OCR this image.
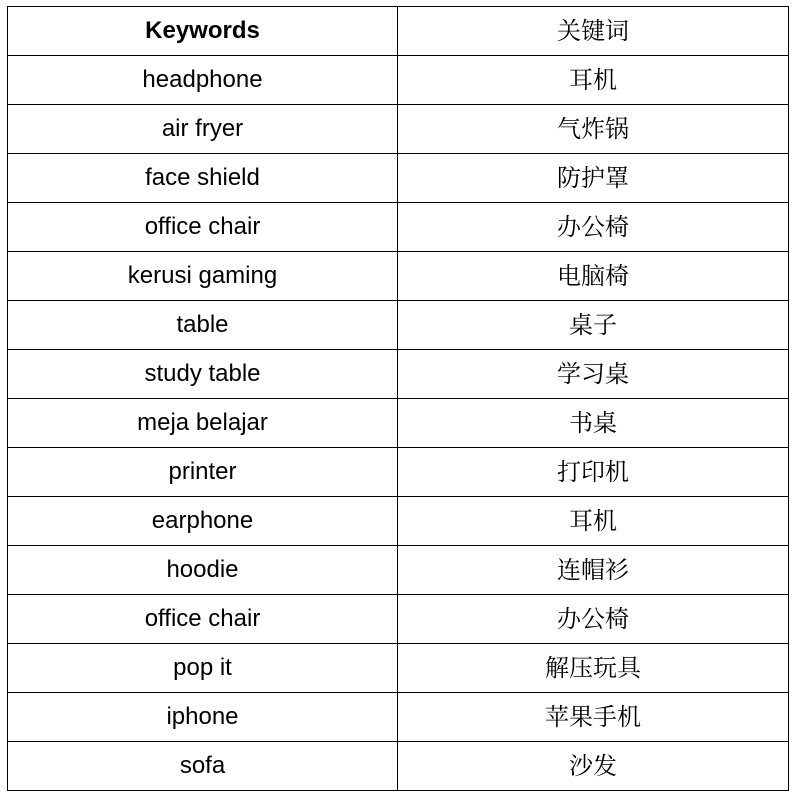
Keywords	关键词
headphone	耳机
air fryer	气炸锅
face shield	防护罩
office chair	办公椅
kerusi gaming	电脑椅
table	桌子
study table	学习桌
meja belajar	书桌
printer	打印机
earphone	耳机
hoodie	连帽衫
office chair	办公椅
pop it	解压玩具
iphone	苹果手机
sofa	沙发
